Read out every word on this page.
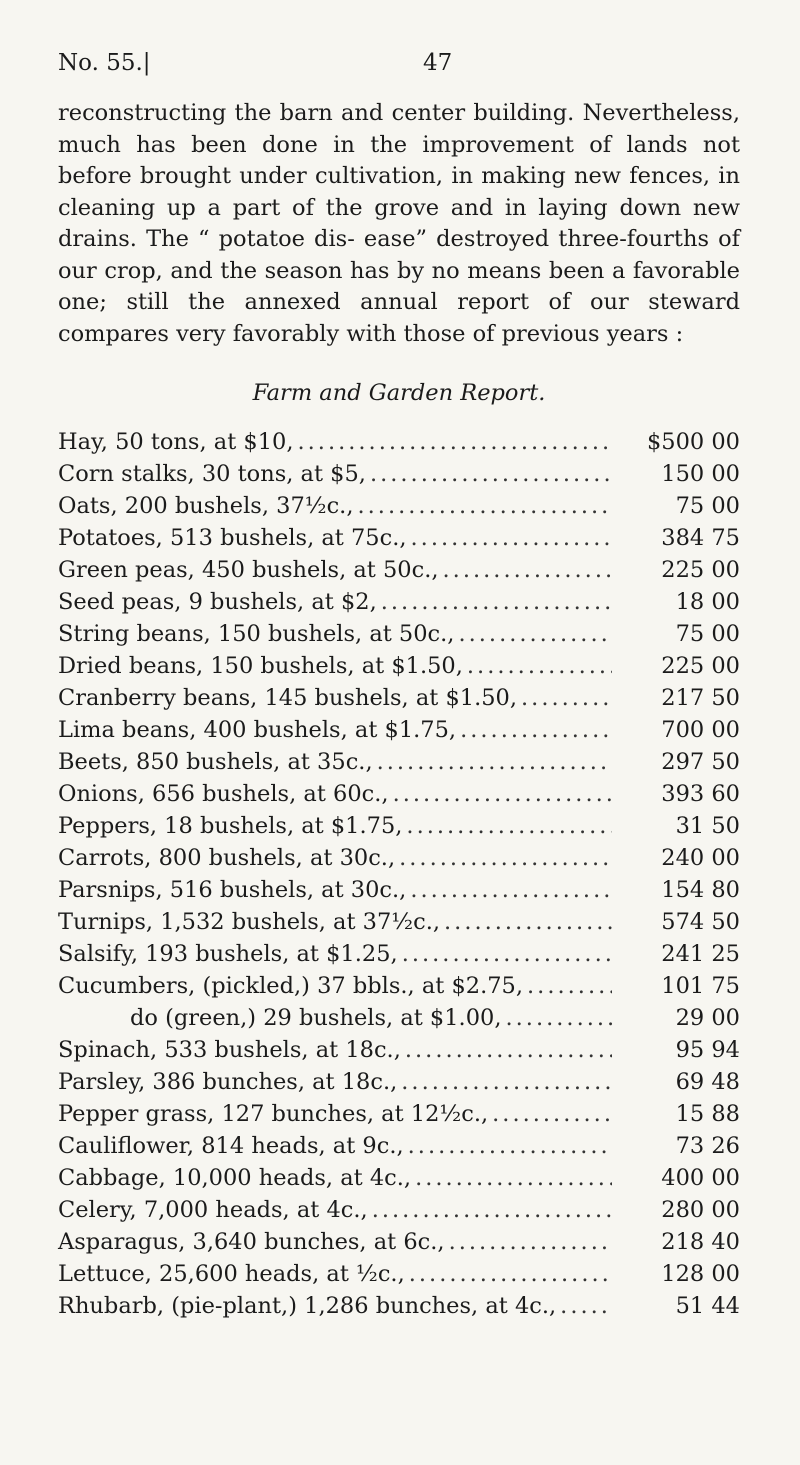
No. 55.|	47

reconstructing the barn and center building. Nevertheless, much has been done in the improvement of lands not before brought under cultivation, in making new fences, in cleaning up a part of the grove and in laying down new drains. The “ potatoe dis- ease” destroyed three-fourths of our crop, and the season has by no means been a favorable one; still the annexed annual report of our steward compares very favorably with those of previous years :

Farm and Garden Report.
Hay, 50 tons, at $10, .....	$500 00
Corn stalks, 30 tons, at $5, .....	150 00
Oats, 200 bushels, 37½c., .....	75 00
Potatoes, 513 bushels, at 75c., .....	384 75
Green peas, 450 bushels, at 50c., .....	225 00
Seed peas, 9 bushels, at $2, .....	18 00
String beans, 150 bushels, at 50c., .....	75 00
Dried beans, 150 bushels, at $1.50, .....	225 00
Cranberry beans, 145 bushels, at $1.50, .....	217 50
Lima beans, 400 bushels, at $1.75, .....	700 00
Beets, 850 bushels, at 35c., .....	297 50
Onions, 656 bushels, at 60c., .....	393 60
Peppers, 18 bushels, at $1.75, .....	31 50
Carrots, 800 bushels, at 30c., .....	240 00
Parsnips, 516 bushels, at 30c., .....	154 80
Turnips, 1,532 bushels, at 37½c., .....	574 50
Salsify, 193 bushels, at $1.25, .....	241 25
Cucumbers, (pickled,) 37 bbls., at $2.75, .....	101 75
do (green,) 29 bushels, at $1.00, .....	29 00
Spinach, 533 bushels, at 18c., .....	95 94
Parsley, 386 bunches, at 18c., .....	69 48
Pepper grass, 127 bunches, at 12½c., .....	15 88
Cauliflower, 814 heads, at 9c., .....	73 26
Cabbage, 10,000 heads, at 4c., .....	400 00
Celery, 7,000 heads, at 4c., .....	280 00
Asparagus, 3,640 bunches, at 6c., .....	218 40
Lettuce, 25,600 heads, at ½c., .....	128 00
Rhubarb, (pie-plant,) 1,286 bunches, at 4c., .....	51 44
